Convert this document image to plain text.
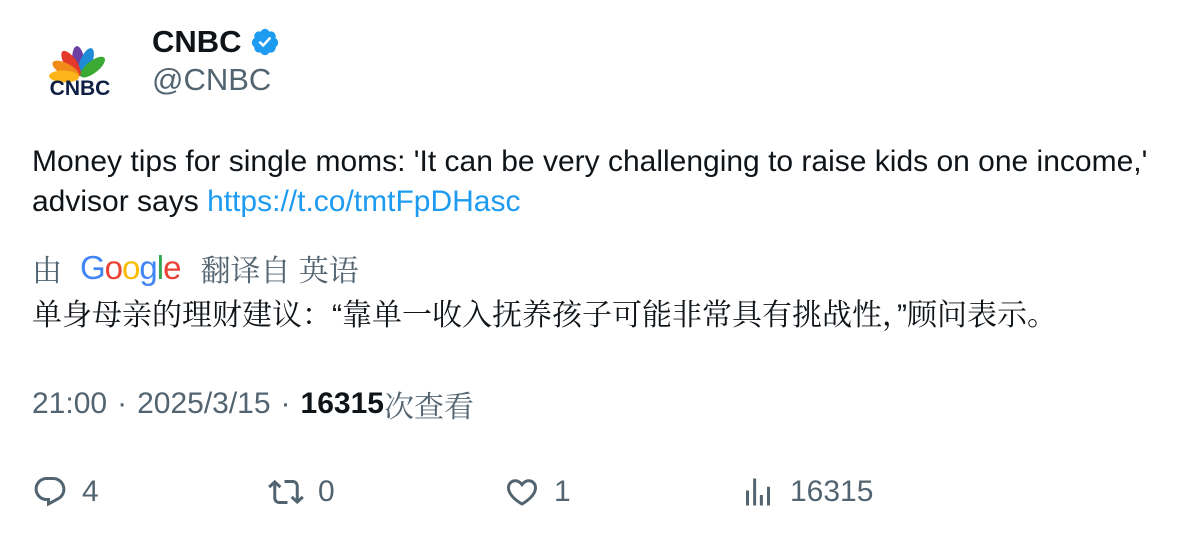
CNBC
CNBC
@CNBC
Money tips for single moms: 'It can be very challenging to raise kids on one income,' advisor says https://t.co/tmtFpDHasc
由 Google 翻译自 英语
单身母亲的理财建议：“靠单一收入抚养孩子可能非常具有挑战性，”顾问表示。
21:00 · 2025/3/15 · 16315 次查看
4	0	1	16315
